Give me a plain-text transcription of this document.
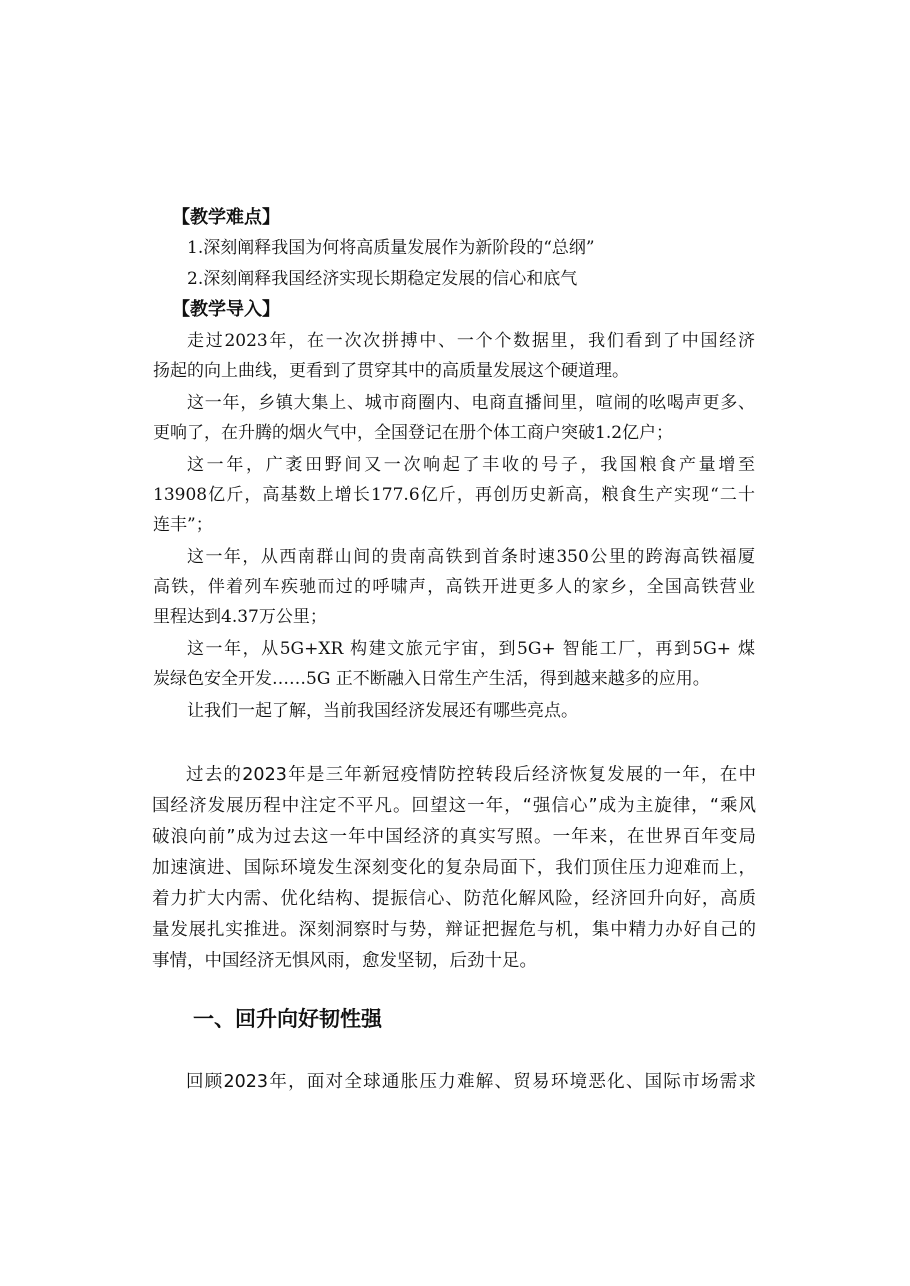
【教学难点】
1.深刻阐释我国为何将高质量发展作为新阶段的“总纲”
2.深刻阐释我国经济实现长期稳定发展的信心和底气
【教学导入】
走过2023年，在一次次拼搏中、一个个数据里，我们看到了中国经济
扬起的向上曲线，更看到了贯穿其中的高质量发展这个硬道理。
这一年，乡镇大集上、城市商圈内、电商直播间里，喧闹的吆喝声更多、
更响了，在升腾的烟火气中，全国登记在册个体工商户突破1.2亿户；
这一年，广袤田野间又一次响起了丰收的号子，我国粮食产量增至
13908亿斤，高基数上增长177.6亿斤，再创历史新高，粮食生产实现“二十
连丰”；
这一年，从西南群山间的贵南高铁到首条时速350公里的跨海高铁福厦
高铁，伴着列车疾驰而过的呼啸声，高铁开进更多人的家乡，全国高铁营业
里程达到4.37万公里；
这一年，从5G+XR 构建文旅元宇宙，到5G+ 智能工厂，再到5G+ 煤
炭绿色安全开发……5G 正不断融入日常生产生活，得到越来越多的应用。
让我们一起了解，当前我国经济发展还有哪些亮点。
过去的2023年是三年新冠疫情防控转段后经济恢复发展的一年，在中
国经济发展历程中注定不平凡。回望这一年，“强信心”成为主旋律，“乘风
破浪向前”成为过去这一年中国经济的真实写照。一年来，在世界百年变局
加速演进、国际环境发生深刻变化的复杂局面下，我们顶住压力迎难而上，
着力扩大内需、优化结构、提振信心、防范化解风险，经济回升向好，高质
量发展扎实推进。深刻洞察时与势，辩证把握危与机，集中精力办好自己的
事情，中国经济无惧风雨，愈发坚韧，后劲十足。
一、回升向好韧性强
回顾2023年，面对全球通胀压力难解、贸易环境恶化、国际市场需求
